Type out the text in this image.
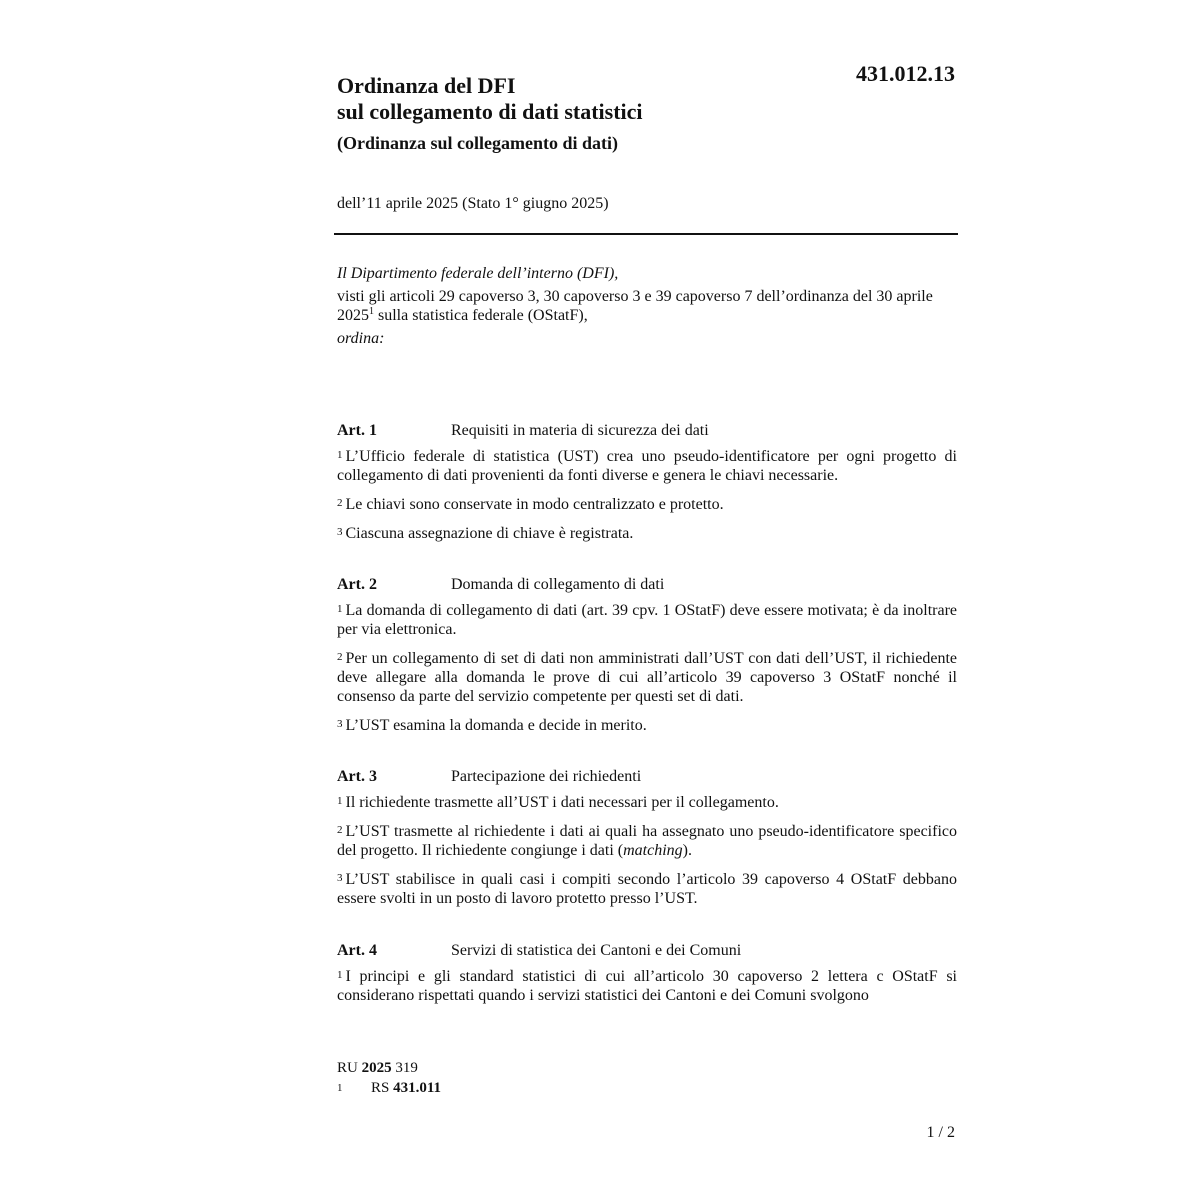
431.012.13
Ordinanza del DFI
sul collegamento di dati statistici
(Ordinanza sul collegamento di dati)
dell’11 aprile 2025 (Stato 1° giugno 2025)
Il Dipartimento federale dell’interno (DFI),
visti gli articoli 29 capoverso 3, 30 capoverso 3 e 39 capoverso 7 dell’ordinanza del 30 aprile 2025$^1$ sulla statistica federale (OStatF),
ordina:
Art. 1	Requisiti in materia di sicurezza dei dati
1 L’Ufficio federale di statistica (UST) crea uno pseudo-identificatore per ogni progetto di collegamento di dati provenienti da fonti diverse e genera le chiavi necessarie.
2 Le chiavi sono conservate in modo centralizzato e protetto.
3 Ciascuna assegnazione di chiave è registrata.
Art. 2	Domanda di collegamento di dati
1 La domanda di collegamento di dati (art. 39 cpv. 1 OStatF) deve essere motivata; è da inoltrare per via elettronica.
2 Per un collegamento di set di dati non amministrati dall’UST con dati dell’UST, il richiedente deve allegare alla domanda le prove di cui all’articolo 39 capoverso 3 OStatF nonché il consenso da parte del servizio competente per questi set di dati.
3 L’UST esamina la domanda e decide in merito.
Art. 3	Partecipazione dei richiedenti
1 Il richiedente trasmette all’UST i dati necessari per il collegamento.
2 L’UST trasmette al richiedente i dati ai quali ha assegnato uno pseudo-identificatore specifico del progetto. Il richiedente congiunge i dati (matching).
3 L’UST stabilisce in quali casi i compiti secondo l’articolo 39 capoverso 4 OStatF debbano essere svolti in un posto di lavoro protetto presso l’UST.
Art. 4	Servizi di statistica dei Cantoni e dei Comuni
1 I principi e gli standard statistici di cui all’articolo 30 capoverso 2 lettera c OStatF si considerano rispettati quando i servizi statistici dei Cantoni e dei Comuni svolgono
RU 2025 319
1	RS 431.011
1 / 2
